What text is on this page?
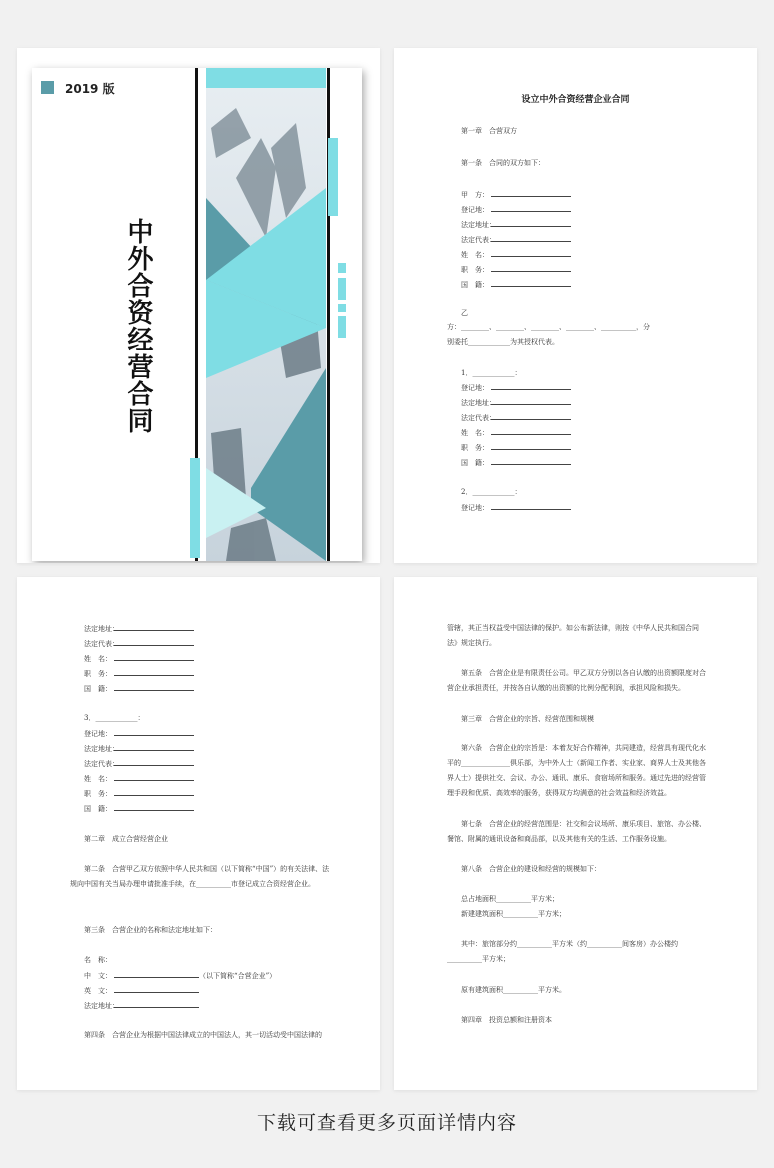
2019 版
中外合资经营合同
设立中外合资经营企业合同
第一章　合营双方
第一条　合同的双方如下：
甲　方：
登记地：
法定地址：
法定代表：
姓　名：
职　务：
国　籍：
乙
方：________、________、________、________、__________，分
别委托____________为其授权代表。
1．____________：
登记地：
法定地址：
法定代表：
姓　名：
职　务：
国　籍：
2．____________：
登记地：
法定地址：
法定代表：
姓　名：
职　务：
国　籍：
3．____________：
登记地：
法定地址：
法定代表：
姓　名：
职　务：
国　籍：
第二章　成立合营经营企业
第二条　合营甲乙双方依照中华人民共和国（以下简称“中国”）的有关法律、法规向中国有关当局办理申请批准手续，在__________市登记成立合资经营企业。
第三条　合营企业的名称和法定地址如下：
名　称：
中　文：	（以下简称“合营企业”）
英　文：
法定地址：
第四条　合营企业为根据中国法律成立的中国法人，其一切活动受中国法律的
管辖，其正当权益受中国法律的保护。如公布新法律，则按《中华人民共和国合同法》规定执行。
第五条　合营企业是有限责任公司。甲乙双方分别以各自认缴的出资额限度对合营企业承担责任，并按各自认缴的出资额的比例分配利润，承担风险和损失。
第三章　合营企业的宗旨、经营范围和规模
第六条　合营企业的宗旨是：本着友好合作精神，共同建造，经营具有现代化水平的______________俱乐部，为中外人士（新闻工作者、实业家、商界人士及其他各界人士）提供社交、会议、办公、通讯、康乐、食宿场所和服务。通过先进的经营管理手段和优质、高效率的服务，获得双方均满意的社会效益和经济效益。
第七条　合营企业的经营范围是：社交和会议场所、康乐项目、旅馆、办公楼、餐馆、附属的通讯设备和商品部，以及其他有关的生活、工作服务设施。
第八条　合营企业的建设和经营的规模如下：
总占地面积__________平方米；
新建建筑面积__________平方米；
其中：旅馆部分约__________平方米（约__________间客房）办公楼约__________平方米；
原有建筑面积__________平方米。
第四章　投资总额和注册资本
下载可查看更多页面详情内容
